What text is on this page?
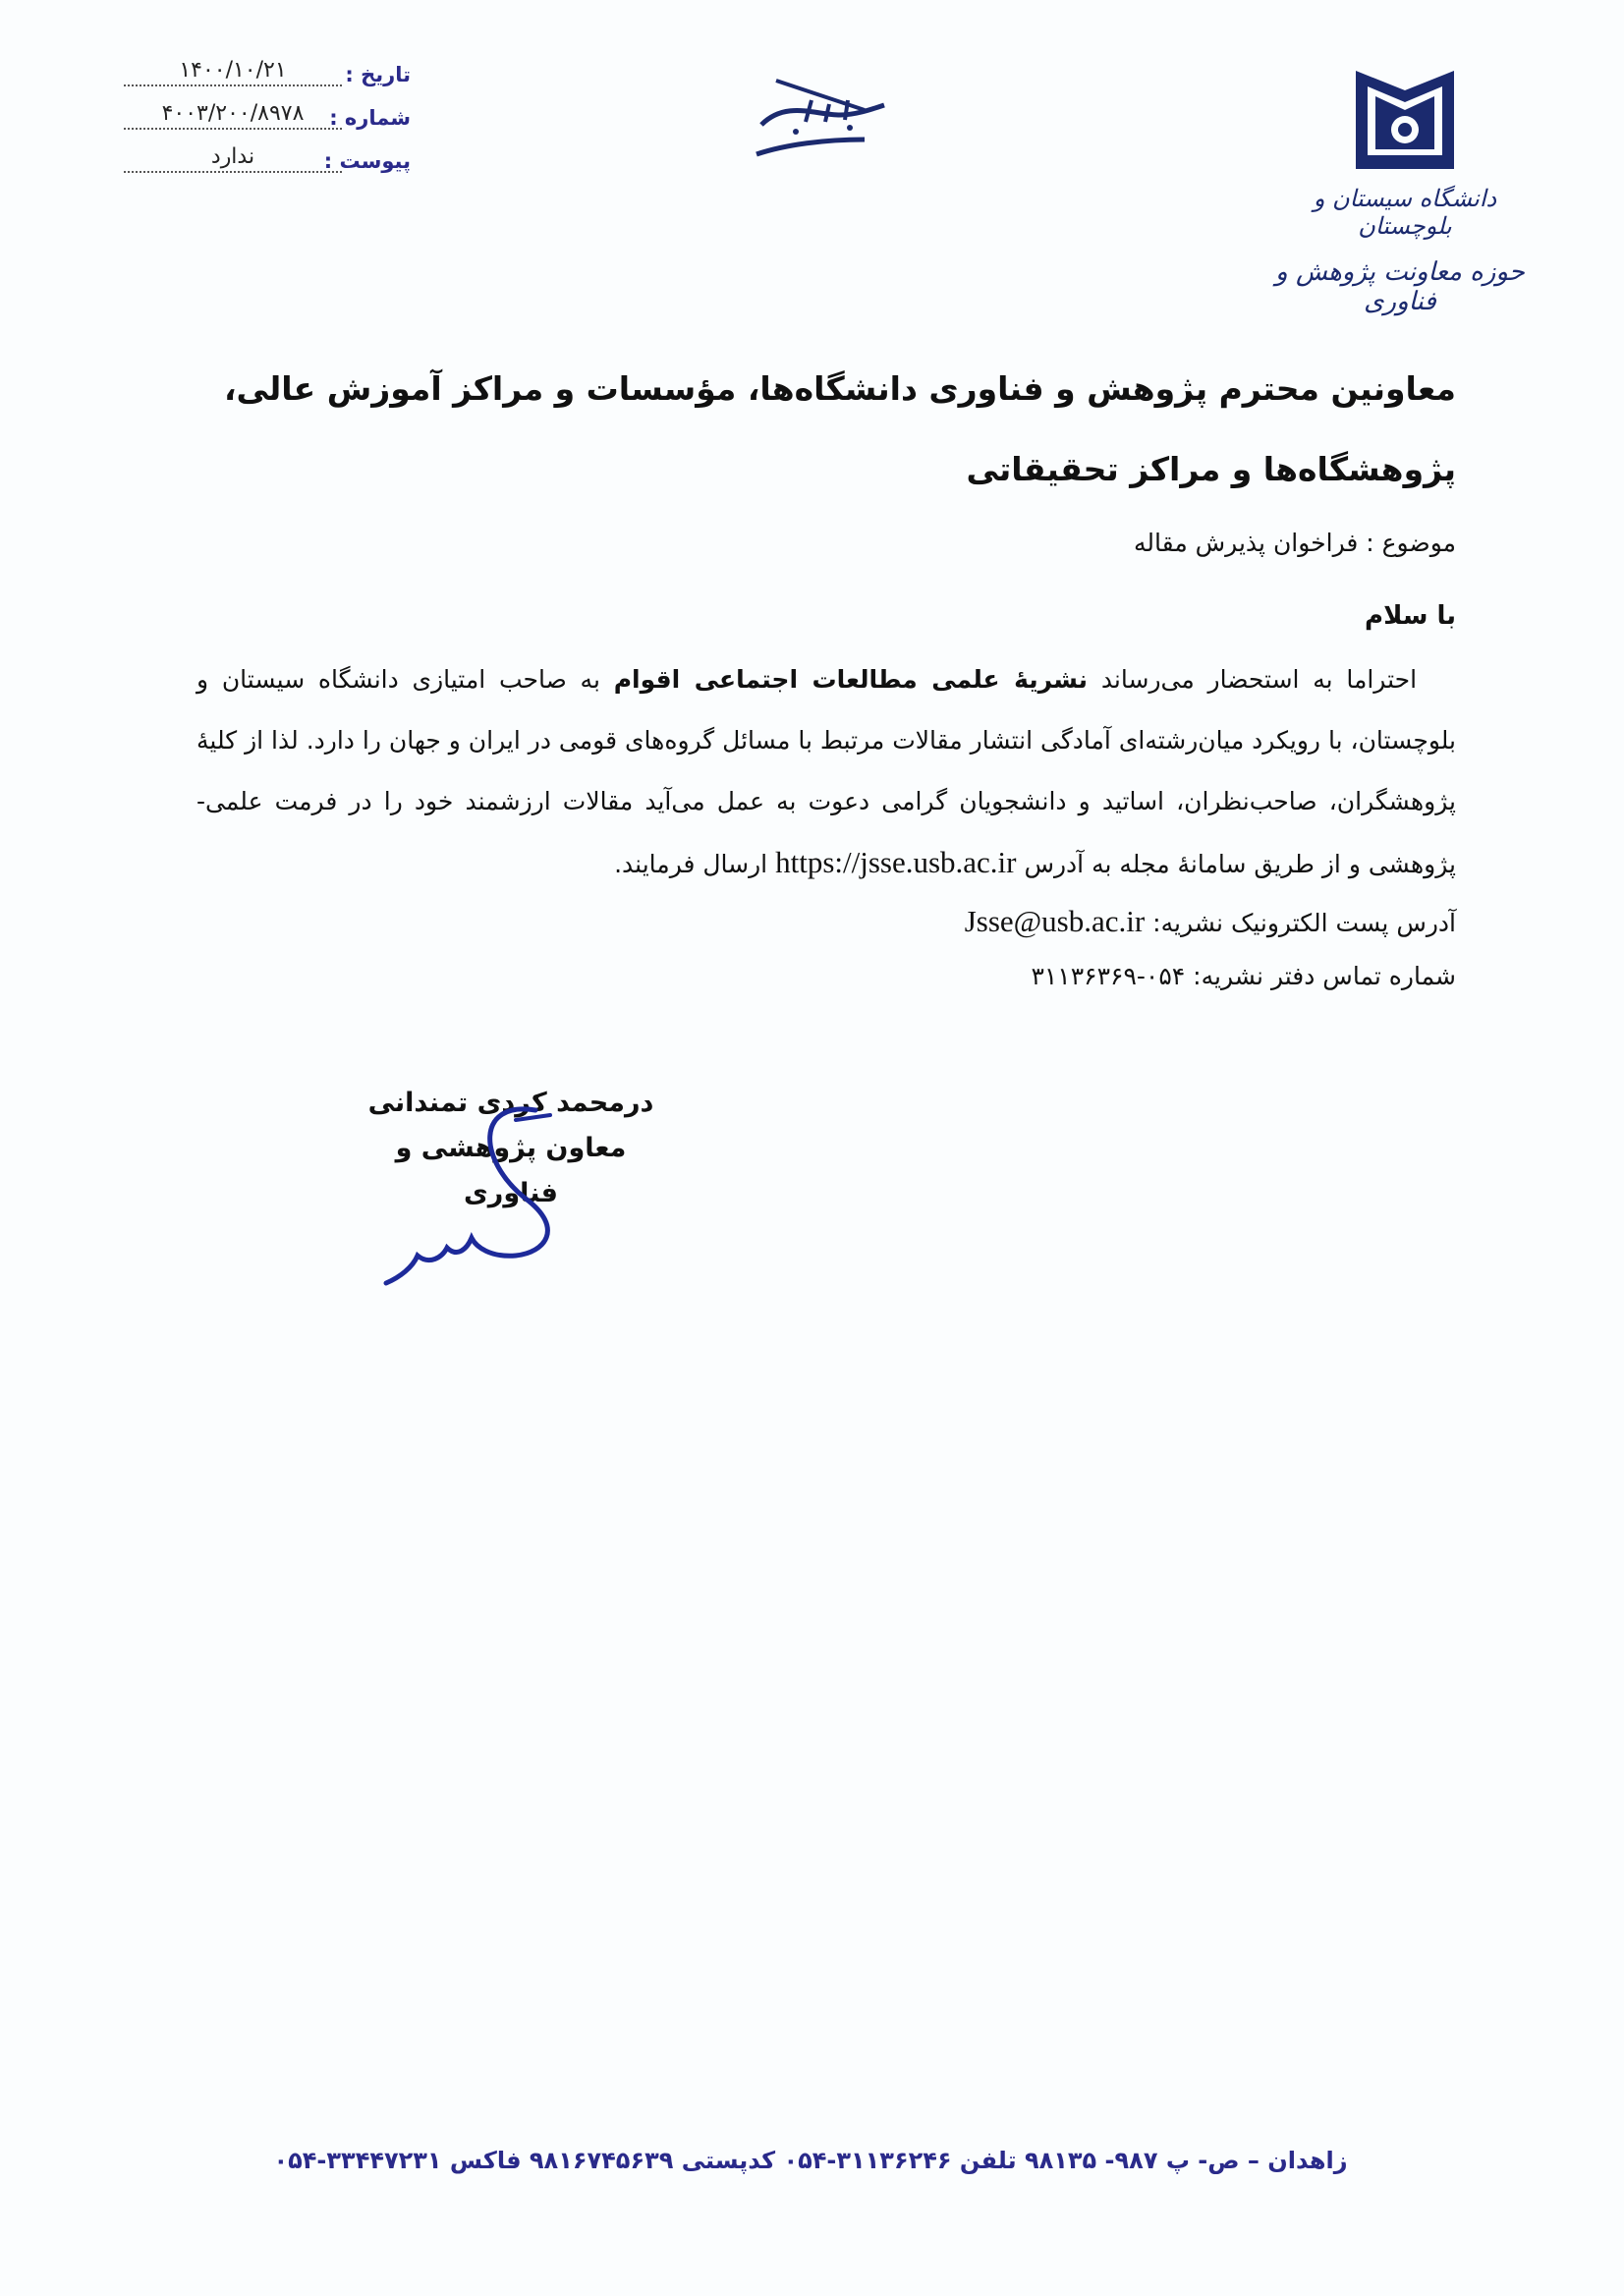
تاریخ :
۱۴۰۰/۱۰/۲۱
شماره :
۴۰۰۳/۲۰۰/۸۹۷۸
پیوست :
ندارد
دانشگاه سیستان و بلوچستان
حوزه معاونت پژوهش و فناوری

معاونین محترم پژوهش و فناوری دانشگاه‌ها، مؤسسات و مراکز آموزش عالی، پژوهشگاه‌ها و مراکز تحقیقاتی

موضوع : فراخوان پذیرش مقاله
با سلام
احتراما به استحضار می‌رساند نشریهٔ علمی مطالعات اجتماعی اقوام به صاحب امتیازی دانشگاه سیستان و بلوچستان، با رویکرد میان‌رشته‌ای آمادگی انتشار مقالات مرتبط با مسائل گروه‌های قومی در ایران و جهان را دارد. لذا از کلیهٔ پژوهشگران، صاحب‌نظران، اساتید و دانشجویان گرامی دعوت به عمل می‌آید مقالات ارزشمند خود را در فرمت علمی-پژوهشی و از طریق سامانهٔ مجله به آدرس https://jsse.usb.ac.ir ارسال فرمایند.
آدرس پست الکترونیک نشریه: Jsse@usb.ac.ir
شماره تماس دفتر نشریه: ۰۵۴-۳۱۱۳۶۳۶۹
درمحمد کردی تمندانی
معاون پژوهشی و فناوری
زاهدان – ص- پ ۹۸۷- ۹۸۱۳۵ تلفن ۳۱۱۳۶۲۴۶-۰۵۴ کدپستی ۹۸۱۶۷۴۵۶۳۹ فاکس ۳۳۴۴۷۲۳۱-۰۵۴
